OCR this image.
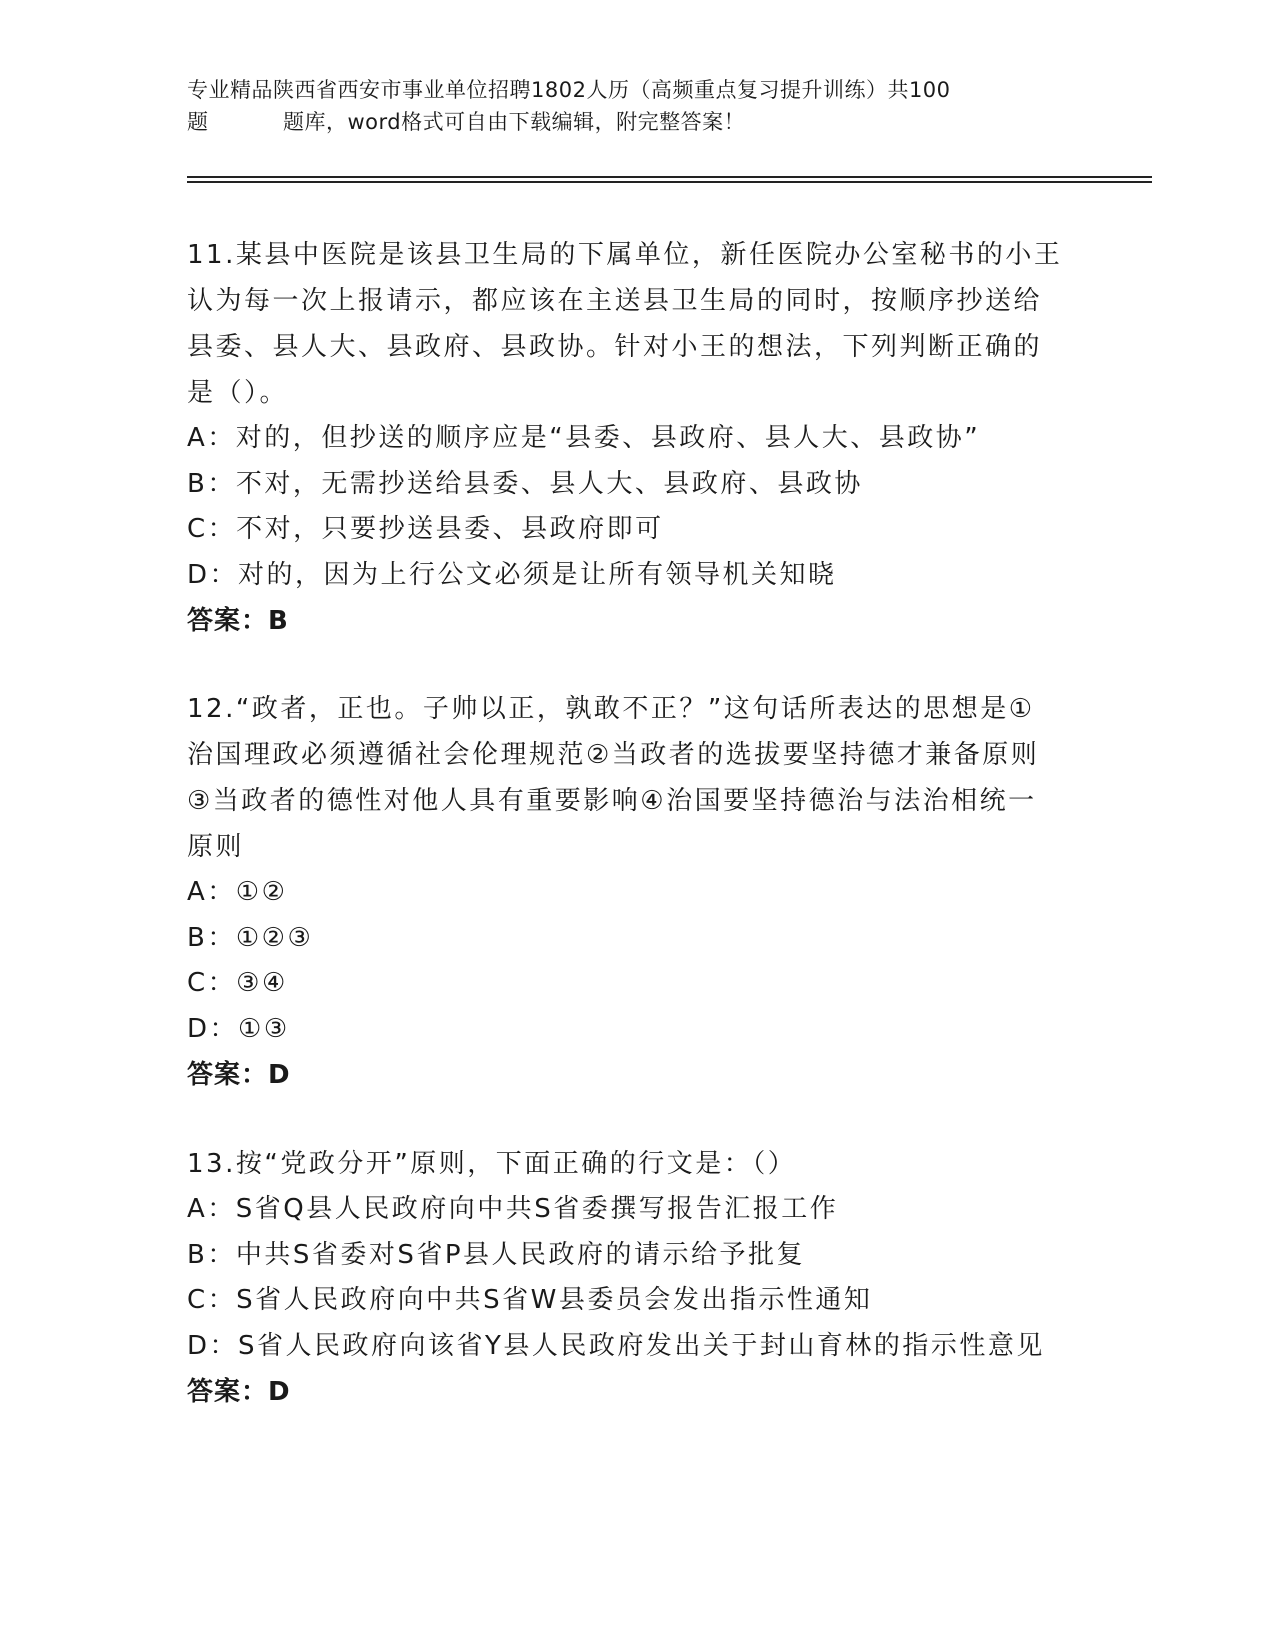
专业精品陕西省西安市事业单位招聘1802人历（高频重点复习提升训练）共100
题	题库，word格式可自由下载编辑，附完整答案！

11.某县中医院是该县卫生局的下属单位，新任医院办公室秘书的小王
认为每一次上报请示，都应该在主送县卫生局的同时，按顺序抄送给
县委、县人大、县政府、县政协。针对小王的想法，下列判断正确的
是（）。

A：对的，但抄送的顺序应是“县委、县政府、县人大、县政协”
B：不对，无需抄送给县委、县人大、县政府、县政协
C：不对，只要抄送县委、县政府即可
D：对的，因为上行公文必须是让所有领导机关知晓
答案：B

12.“政者，正也。子帅以正，孰敢不正？”这句话所表达的思想是①
治国理政必须遵循社会伦理规范②当政者的选拔要坚持德才兼备原则
③当政者的德性对他人具有重要影响④治国要坚持德治与法治相统一
原则

A：①②
B：①②③
C：③④
D：①③
答案：D

13.按“党政分开”原则，下面正确的行文是：（）

A：S省Q县人民政府向中共S省委撰写报告汇报工作
B：中共S省委对S省P县人民政府的请示给予批复
C：S省人民政府向中共S省W县委员会发出指示性通知
D：S省人民政府向该省Y县人民政府发出关于封山育林的指示性意见
答案：D
